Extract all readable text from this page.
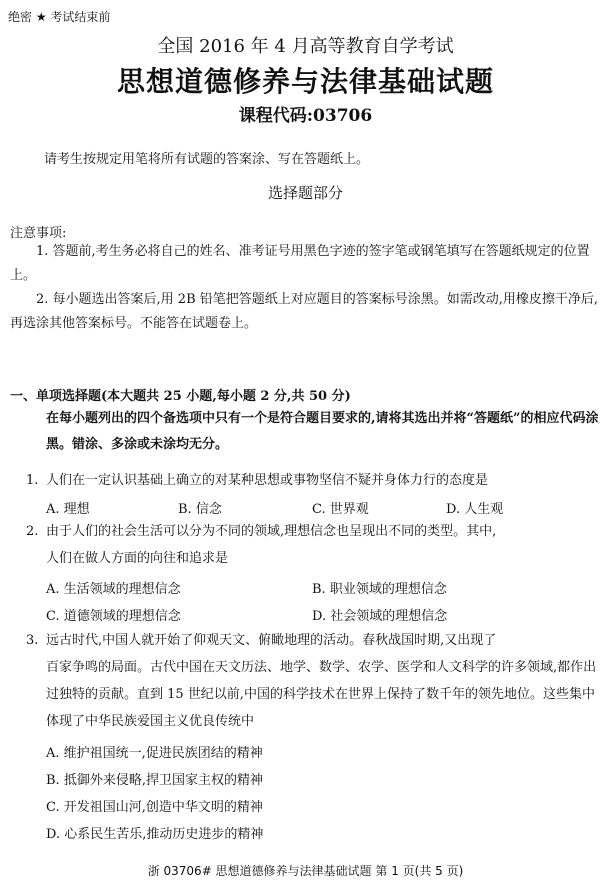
绝密 ★ 考试结束前
全国 2016 年 4 月高等教育自学考试
思想道德修养与法律基础试题
课程代码:03706
请考生按规定用笔将所有试题的答案涂、写在答题纸上。
选择题部分
注意事项:
1. 答题前,考生务必将自己的姓名、准考证号用黑色字迹的签字笔或钢笔填写在答题纸规定的位置上。
2. 每小题选出答案后,用 2B 铅笔把答题纸上对应题目的答案标号涂黑。如需改动,用橡皮擦干净后,再选涂其他答案标号。不能答在试题卷上。
一、单项选择题(本大题共 25 小题,每小题 2 分,共 50 分)
在每小题列出的四个备选项中只有一个是符合题目要求的,请将其选出并将“答题纸”的相应代码涂黑。错涂、多涂或未涂均无分。
1. 人们在一定认识基础上确立的对某种思想或事物坚信不疑并身体力行的态度是
A. 理想	B. 信念	C. 世界观	D. 人生观
2. 由于人们的社会生活可以分为不同的领域,理想信念也呈现出不同的类型。其中,
人们在做人方面的向往和追求是
A. 生活领域的理想信念	B. 职业领域的理想信念
C. 道德领域的理想信念	D. 社会领域的理想信念
3. 远古时代,中国人就开始了仰观天文、俯瞰地理的活动。春秋战国时期,又出现了
百家争鸣的局面。古代中国在天文历法、地学、数学、农学、医学和人文科学的许多领域,都作出过独特的贡献。直到 15 世纪以前,中国的科学技术在世界上保持了数千年的领先地位。这些集中体现了中华民族爱国主义优良传统中
A. 维护祖国统一,促进民族团结的精神
B. 抵御外来侵略,捍卫国家主权的精神
C. 开发祖国山河,创造中华文明的精神
D. 心系民生苦乐,推动历史进步的精神
浙 03706# 思想道德修养与法律基础试题 第 1 页(共 5 页)
